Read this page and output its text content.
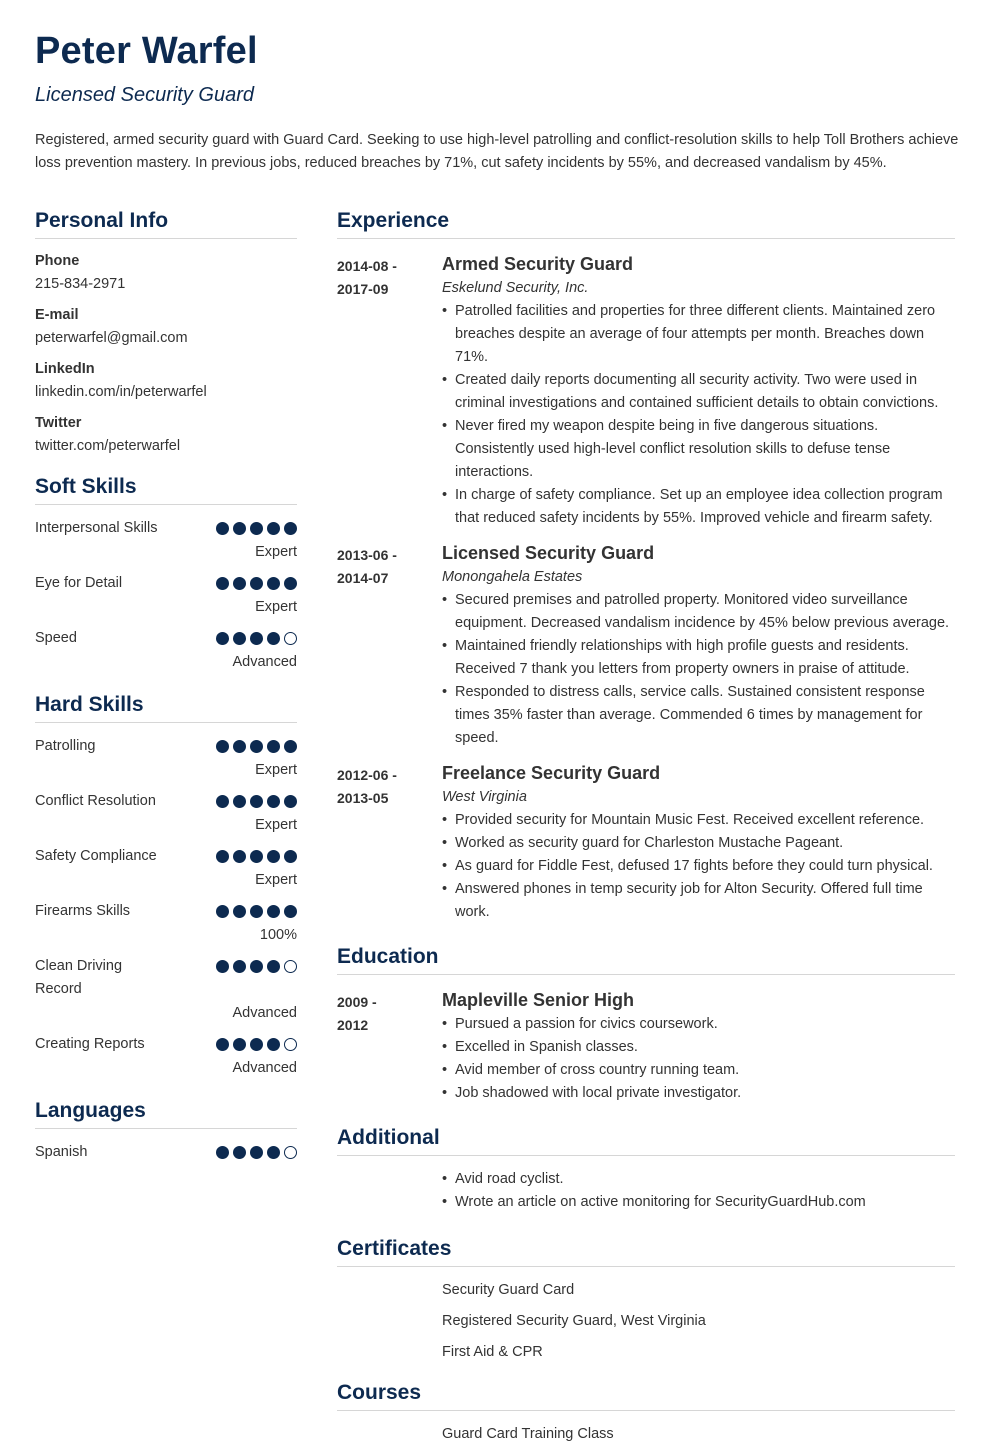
Peter Warfel
Licensed Security Guard
Registered, armed security guard with Guard Card. Seeking to use high-level patrolling and conflict-resolution skills to help Toll Brothers achieve loss prevention mastery. In previous jobs, reduced breaches by 71%, cut safety incidents by 55%, and decreased vandalism by 45%.
Personal Info
Phone
215-834-2971
E-mail
peterwarfel@gmail.com
LinkedIn
linkedin.com/in/peterwarfel
Twitter
twitter.com/peterwarfel
Soft Skills
Interpersonal Skills
Expert
Eye for Detail
Expert
Speed
Advanced
Hard Skills
Patrolling
Expert
Conflict Resolution
Expert
Safety Compliance
Expert
Firearms Skills
100%
Clean Driving Record
Advanced
Creating Reports
Advanced
Languages
Spanish
Experience
2014-08 -
2017-09
Armed Security Guard
Eskelund Security, Inc.
• Patrolled facilities and properties for three different clients. Maintained zero breaches despite an average of four attempts per month. Breaches down 71%.
• Created daily reports documenting all security activity. Two were used in criminal investigations and contained sufficient details to obtain convictions.
• Never fired my weapon despite being in five dangerous situations. Consistently used high-level conflict resolution skills to defuse tense interactions.
• In charge of safety compliance. Set up an employee idea collection program that reduced safety incidents by 55%. Improved vehicle and firearm safety.
2013-06 -
2014-07
Licensed Security Guard
Monongahela Estates
• Secured premises and patrolled property. Monitored video surveillance equipment. Decreased vandalism incidence by 45% below previous average.
• Maintained friendly relationships with high profile guests and residents. Received 7 thank you letters from property owners in praise of attitude.
• Responded to distress calls, service calls. Sustained consistent response times 35% faster than average. Commended 6 times by management for speed.
2012-06 -
2013-05
Freelance Security Guard
West Virginia
• Provided security for Mountain Music Fest. Received excellent reference.
• Worked as security guard for Charleston Mustache Pageant.
• As guard for Fiddle Fest, defused 17 fights before they could turn physical.
• Answered phones in temp security job for Alton Security. Offered full time work.
Education
2009 -
2012
Mapleville Senior High
• Pursued a passion for civics coursework.
• Excelled in Spanish classes.
• Avid member of cross country running team.
• Job shadowed with local private investigator.
Additional
• Avid road cyclist.
• Wrote an article on active monitoring for SecurityGuardHub.com
Certificates
Security Guard Card
Registered Security Guard, West Virginia
First Aid & CPR
Courses
Guard Card Training Class
